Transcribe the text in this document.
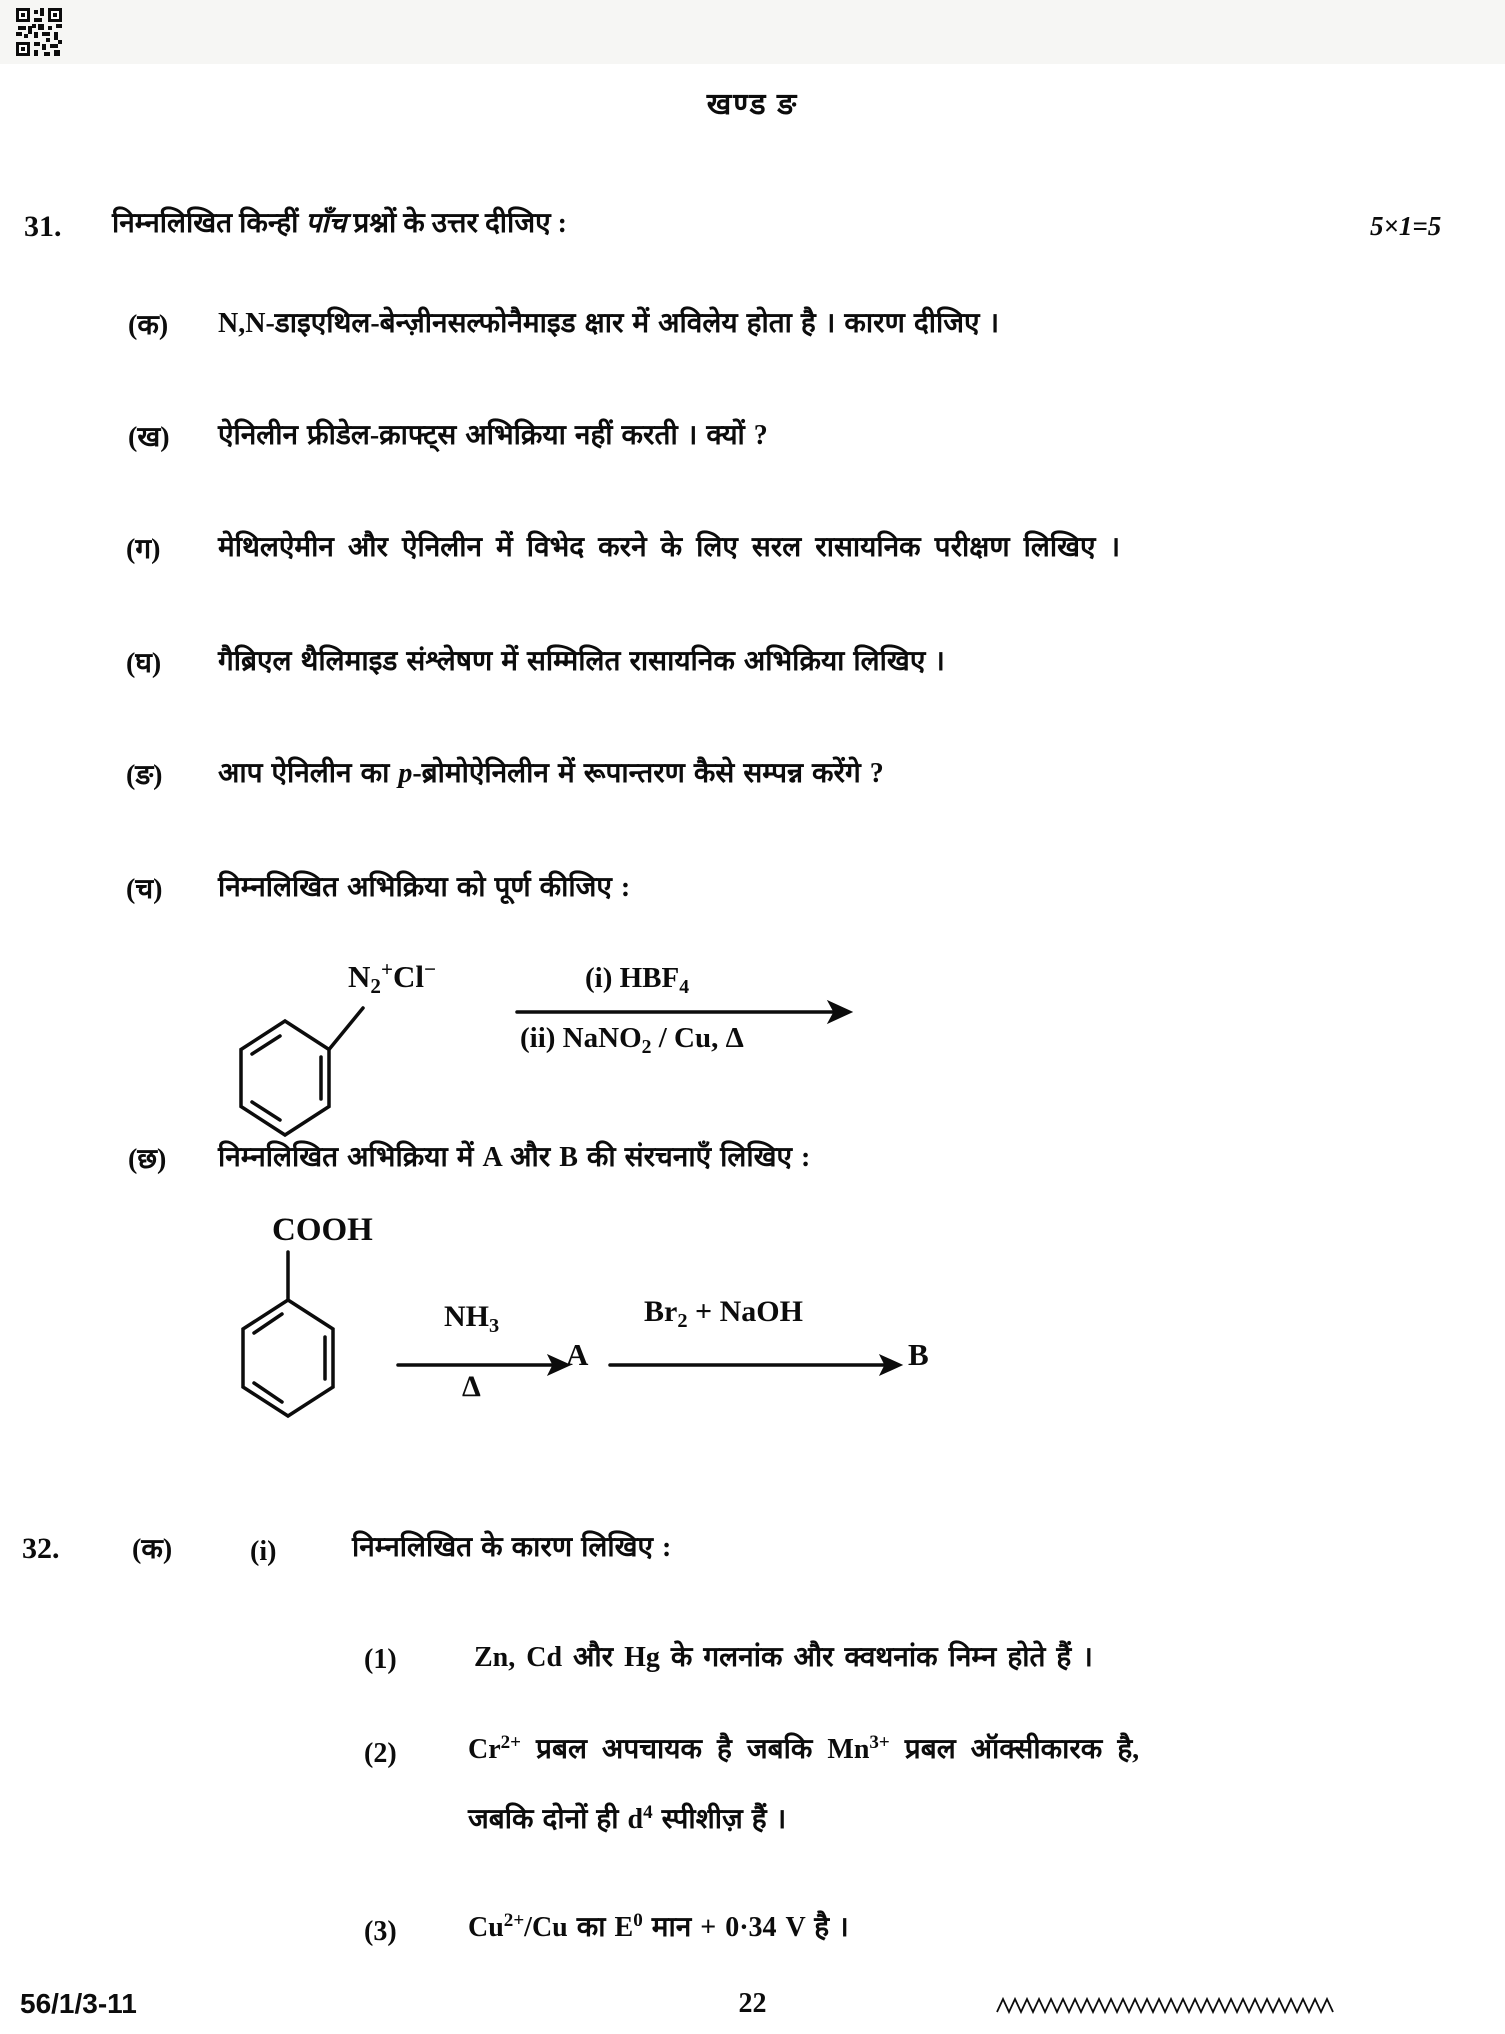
खण्ड ङ
31. निम्नलिखित किन्हीं पाँच प्रश्नों के उत्तर दीजिए :	5×1=5
(क) N,N-डाइएथिल-बेन्ज़ीनसल्फोनैमाइड क्षार में अविलेय होता है । कारण दीजिए ।
(ख) ऐनिलीन फ्रीडेल-क्राफ्ट्स अभिक्रिया नहीं करती । क्यों ?
(ग) मेथिलऐमीन और ऐनिलीन में विभेद करने के लिए सरल रासायनिक परीक्षण लिखिए ।
(घ) गैब्रिएल थैलिमाइड संश्लेषण में सम्मिलित रासायनिक अभिक्रिया लिखिए ।
(ङ) आप ऐनिलीन का p-ब्रोमोऐनिलीन में रूपान्तरण कैसे सम्पन्न करेंगे ?
(च) निम्नलिखित अभिक्रिया को पूर्ण कीजिए :
$N_2^+Cl^-$	(i) $HBF_4$
(ii) NaNO$_2$ / Cu, Δ
(छ) निम्नलिखित अभिक्रिया में A और B की संरचनाएँ लिखिए :
COOH
$NH_3$
Δ
A
$Br_2$ + NaOH
B
32.	(क)	(i)	निम्नलिखित के कारण लिखिए :
(1)	Zn, Cd और Hg के गलनांक और क्वथनांक निम्न होते हैं ।
(2)	$Cr^{2+}$ प्रबल अपचायक है जबकि $Mn^{3+}$ प्रबल ऑक्सीकारक है,
जबकि दोनों ही $d^4$ स्पीशीज़ हैं ।
(3)	$Cu^{2+}/Cu$ का $E^0$ मान + 0·34 V है ।
56/1/3-11	22
